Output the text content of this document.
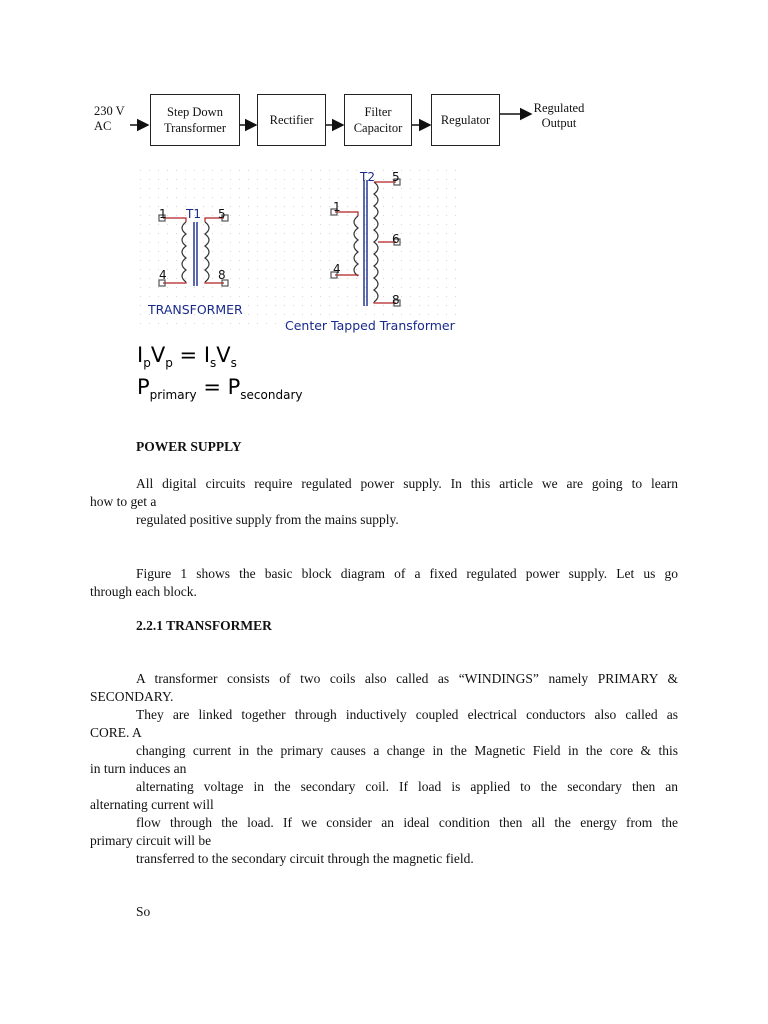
230 V
AC
Step Down
Transformer
Rectifier
Filter
Capacitor
Regulator
Regulated
Output
1 T1 5
4	8
TRANSFORMER
T2 5
1
6
4
8
Center Tapped Transformer
$I_pV_p = I_sV_s$
$P_{primary} = P_{secondary}$
POWER SUPPLY
All digital circuits require regulated power supply. In this article we are going to learn
how to get a
regulated positive supply from the mains supply.
Figure 1 shows the basic block diagram of a fixed regulated power supply. Let us go
through each block.
2.2.1 TRANSFORMER
A transformer consists of two coils also called as “WINDINGS” namely PRIMARY &
SECONDARY.
They are linked together through inductively coupled electrical conductors also called as
CORE. A
changing current in the primary causes a change in the Magnetic Field in the core & this
in turn induces an
alternating voltage in the secondary coil. If load is applied to the secondary then an
alternating current will
flow through the load. If we consider an ideal condition then all the energy from the
primary circuit will be
transferred to the secondary circuit through the magnetic field.
So
